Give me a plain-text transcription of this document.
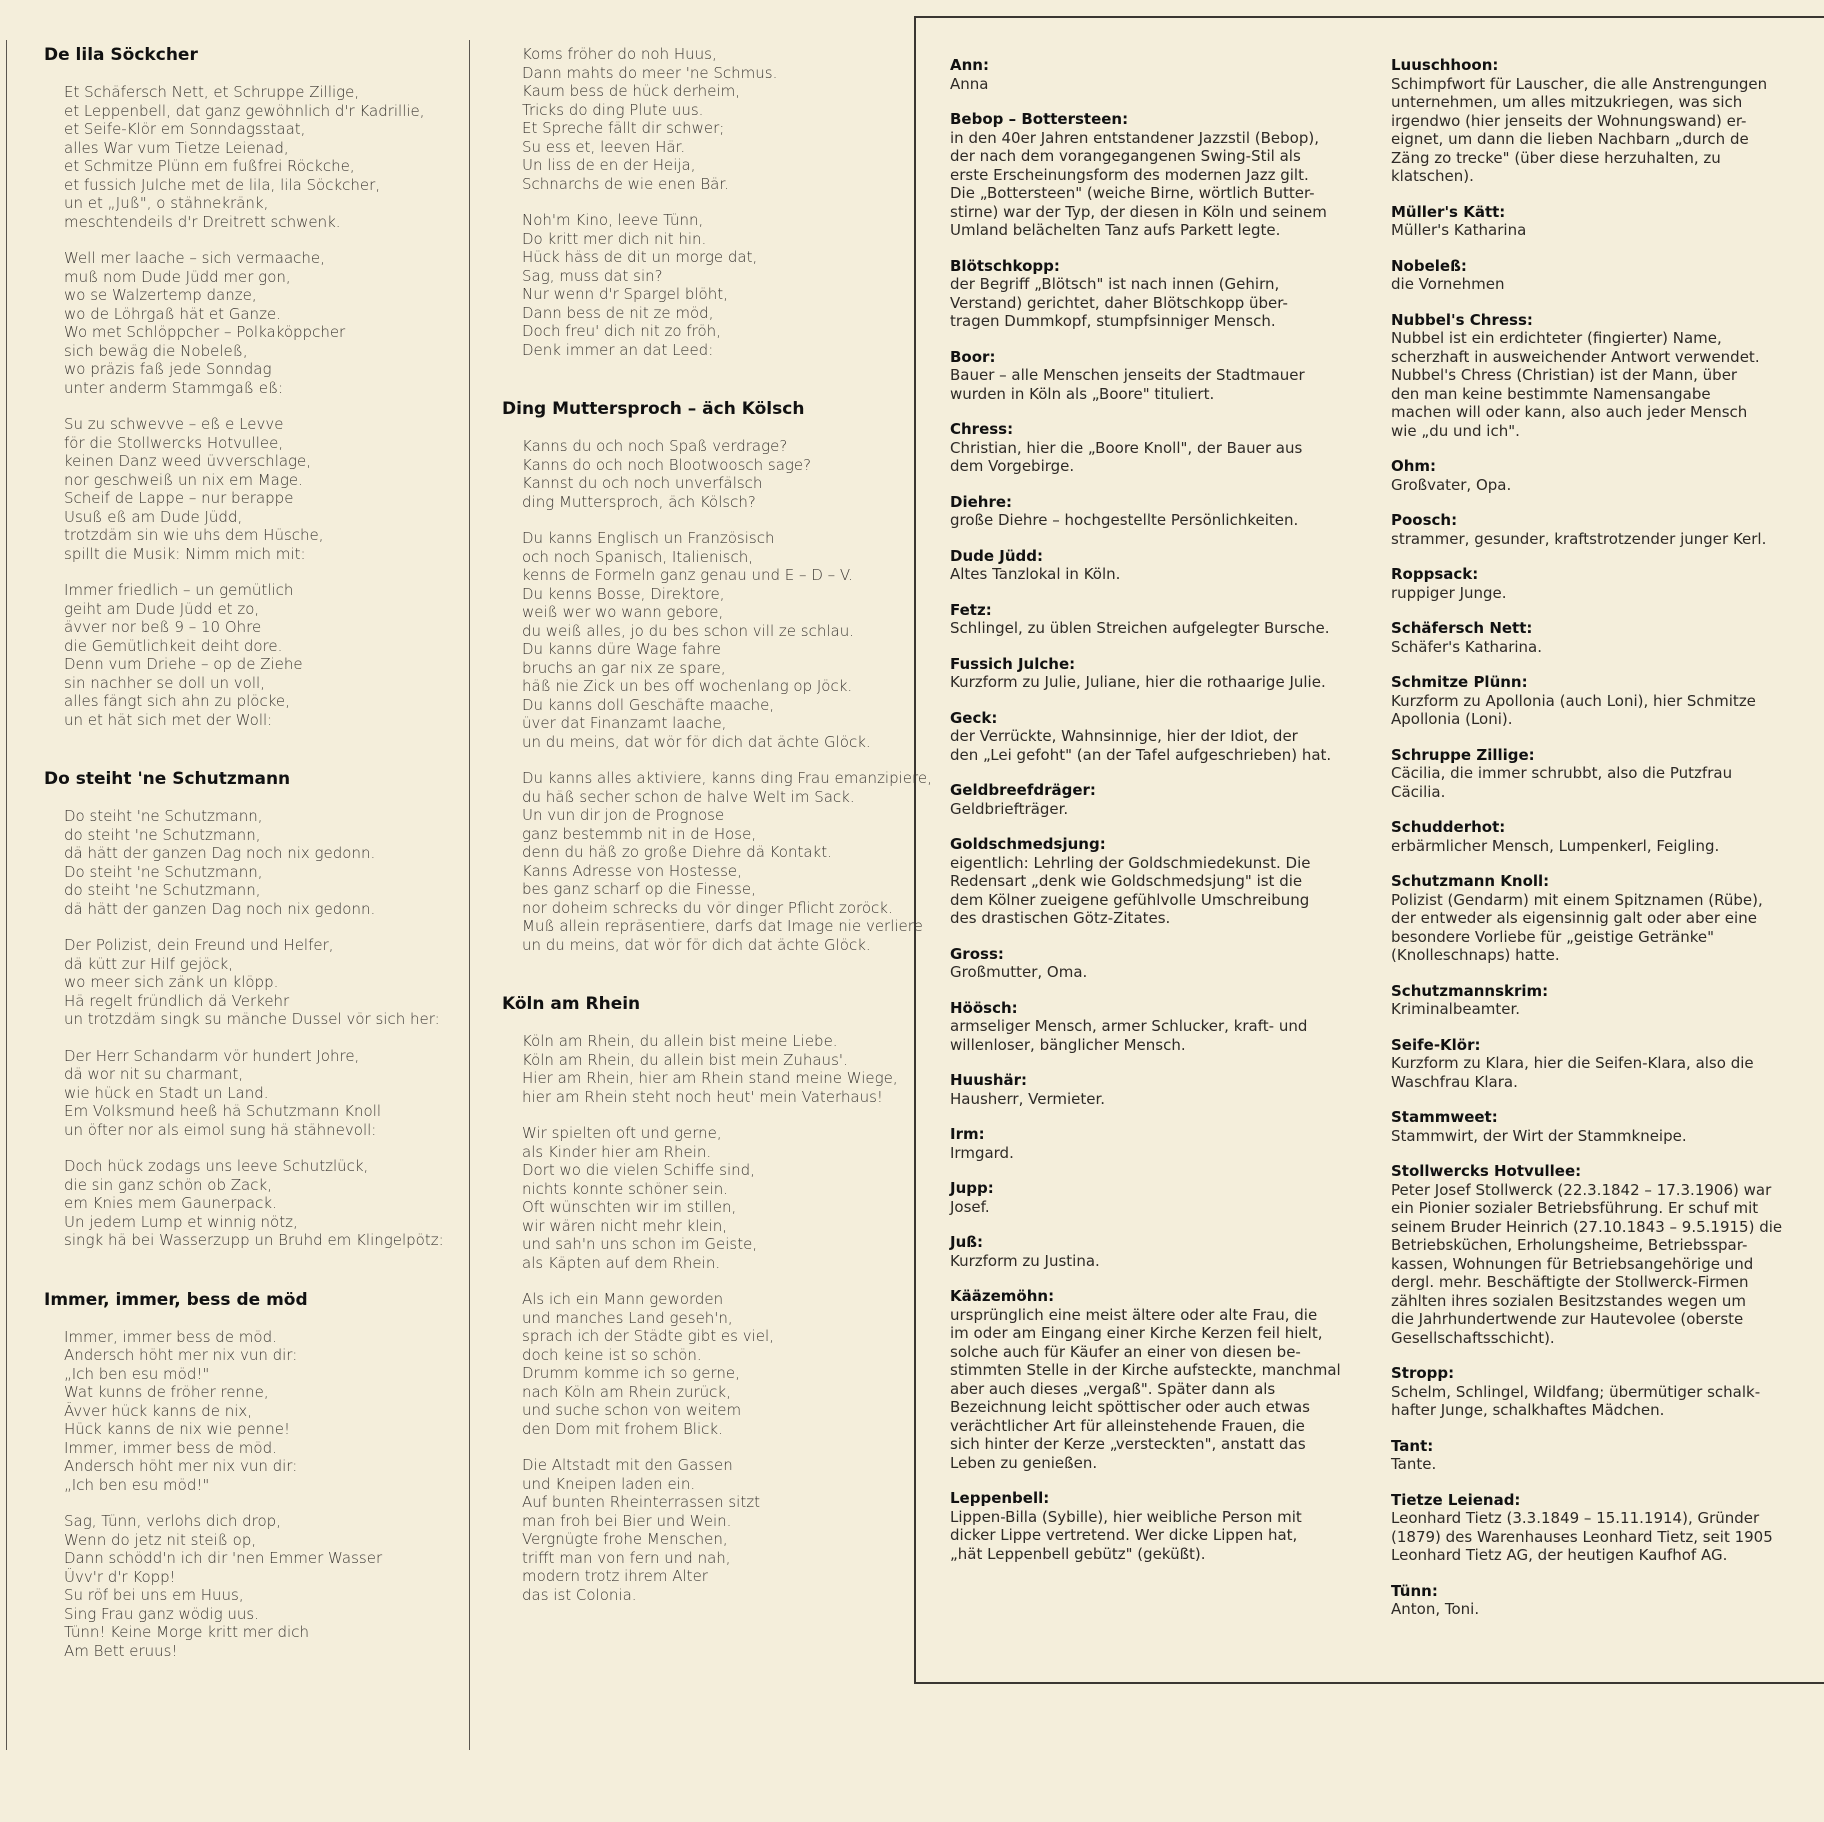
De lila Söckcher
Et Schäfersch Nett, et Schruppe Zillige,
et Leppenbell, dat ganz gewöhnlich d'r Kadrillie,
et Seife-Klör em Sonndagsstaat,
alles War vum Tietze Leienad,
et Schmitze Plünn em fußfrei Röckche,
et fussich Julche met de lila, lila Söckcher,
un et „Juß", o stähnekränk,
meschtendeils d'r Dreitrett schwenk.
Well mer laache – sich vermaache,
muß nom Dude Jüdd mer gon,
wo se Walzertemp danze,
wo de Löhrgaß hät et Ganze.
Wo met Schlöppcher – Polkaköppcher
sich bewäg die Nobeleß,
wo präzis faß jede Sonndag
unter anderm Stammgaß eß:
Su zu schwevve – eß e Levve
för die Stollwercks Hotvullee,
keinen Danz weed üvverschlage,
nor geschweiß un nix em Mage.
Scheif de Lappe – nur berappe
Usuß eß am Dude Jüdd,
trotzdäm sin wie uhs dem Hüsche,
spillt die Musik: Nimm mich mit:
Immer friedlich – un gemütlich
geiht am Dude Jüdd et zo,
ävver nor beß 9 – 10 Ohre
die Gemütlichkeit deiht dore.
Denn vum Driehe – op de Ziehe
sin nachher se doll un voll,
alles fängt sich ahn zu plöcke,
un et hät sich met der Woll:
Do steiht 'ne Schutzmann
Do steiht 'ne Schutzmann,
do steiht 'ne Schutzmann,
dä hätt der ganzen Dag noch nix gedonn.
Do steiht 'ne Schutzmann,
do steiht 'ne Schutzmann,
dä hätt der ganzen Dag noch nix gedonn.
Der Polizist, dein Freund und Helfer,
dä kütt zur Hilf gejöck,
wo meer sich zänk un klöpp.
Hä regelt fründlich dä Verkehr
un trotzdäm singk su mänche Dussel vör sich her:
Der Herr Schandarm vör hundert Johre,
dä wor nit su charmant,
wie hück en Stadt un Land.
Em Volksmund heeß hä Schutzmann Knoll
un öfter nor als eimol sung hä stähnevoll:
Doch hück zodags uns leeve Schutzlück,
die sin ganz schön ob Zack,
em Knies mem Gaunerpack.
Un jedem Lump et winnig nötz,
singk hä bei Wasserzupp un Bruhd em Klingelpötz:
Immer, immer, bess de möd
Immer, immer bess de möd.
Andersch höht mer nix vun dir:
„Ich ben esu möd!"
Wat kunns de fröher renne,
Ävver hück kanns de nix,
Hück kanns de nix wie penne!
Immer, immer bess de möd.
Andersch höht mer nix vun dir:
„Ich ben esu möd!"
Sag, Tünn, verlohs dich drop,
Wenn do jetz nit steiß op,
Dann schödd'n ich dir 'nen Emmer Wasser
Üvv'r d'r Kopp!
Su röf bei uns em Huus,
Sing Frau ganz wödig uus.
Tünn! Keine Morge kritt mer dich
Am Bett eruus!
Koms fröher do noh Huus,
Dann mahts do meer 'ne Schmus.
Kaum bess de hück derheim,
Tricks do ding Plute uus.
Et Spreche fällt dir schwer;
Su ess et, leeven Här.
Un liss de en der Heija,
Schnarchs de wie enen Bär.
Noh'm Kino, leeve Tünn,
Do kritt mer dich nit hin.
Hück häss de dit un morge dat,
Sag, muss dat sin?
Nur wenn d'r Spargel blöht,
Dann bess de nit ze möd,
Doch freu' dich nit zo fröh,
Denk immer an dat Leed:
Ding Muttersproch – äch Kölsch
Kanns du och noch Spaß verdrage?
Kanns do och noch Blootwoosch sage?
Kannst du och noch unverfälsch
ding Muttersproch, äch Kölsch?
Du kanns Englisch un Französisch
och noch Spanisch, Italienisch,
kenns de Formeln ganz genau und E – D – V.
Du kenns Bosse, Direktore,
weiß wer wo wann gebore,
du weiß alles, jo du bes schon vill ze schlau.
Du kanns düre Wage fahre
bruchs an gar nix ze spare,
häß nie Zick un bes off wochenlang op Jöck.
Du kanns doll Geschäfte maache,
üver dat Finanzamt laache,
un du meins, dat wör för dich dat ächte Glöck.
Du kanns alles aktiviere, kanns ding Frau emanzipiere,
du häß secher schon de halve Welt im Sack.
Un vun dir jon de Prognose
ganz bestemmb nit in de Hose,
denn du häß zo große Diehre dä Kontakt.
Kanns Adresse von Hostesse,
bes ganz scharf op die Finesse,
nor doheim schrecks du vör dinger Pflicht zoröck.
Muß allein repräsentiere, darfs dat Image nie verliere
un du meins, dat wör för dich dat ächte Glöck.
Köln am Rhein
Köln am Rhein, du allein bist meine Liebe.
Köln am Rhein, du allein bist mein Zuhaus'.
Hier am Rhein, hier am Rhein stand meine Wiege,
hier am Rhein steht noch heut' mein Vaterhaus!
Wir spielten oft und gerne,
als Kinder hier am Rhein.
Dort wo die vielen Schiffe sind,
nichts konnte schöner sein.
Oft wünschten wir im stillen,
wir wären nicht mehr klein,
und sah'n uns schon im Geiste,
als Käpten auf dem Rhein.
Als ich ein Mann geworden
und manches Land geseh'n,
sprach ich der Städte gibt es viel,
doch keine ist so schön.
Drumm komme ich so gerne,
nach Köln am Rhein zurück,
und suche schon von weitem
den Dom mit frohem Blick.
Die Altstadt mit den Gassen
und Kneipen laden ein.
Auf bunten Rheinterrassen sitzt
man froh bei Bier und Wein.
Vergnügte frohe Menschen,
trifft man von fern und nah,
modern trotz ihrem Alter
das ist Colonia.
Ann:
Anna
Bebop – Bottersteen:
in den 40er Jahren entstandener Jazzstil (Bebop),
der nach dem vorangegangenen Swing-Stil als
erste Erscheinungsform des modernen Jazz gilt.
Die „Bottersteen" (weiche Birne, wörtlich Butter-
stirne) war der Typ, der diesen in Köln und seinem
Umland belächelten Tanz aufs Parkett legte.
Blötschkopp:
der Begriff „Blötsch" ist nach innen (Gehirn,
Verstand) gerichtet, daher Blötschkopp über-
tragen Dummkopf, stumpfsinniger Mensch.
Boor:
Bauer – alle Menschen jenseits der Stadtmauer
wurden in Köln als „Boore" tituliert.
Chress:
Christian, hier die „Boore Knoll", der Bauer aus
dem Vorgebirge.
Diehre:
große Diehre – hochgestellte Persönlichkeiten.
Dude Jüdd:
Altes Tanzlokal in Köln.
Fetz:
Schlingel, zu üblen Streichen aufgelegter Bursche.
Fussich Julche:
Kurzform zu Julie, Juliane, hier die rothaarige Julie.
Geck:
der Verrückte, Wahnsinnige, hier der Idiot, der
den „Lei gefoht" (an der Tafel aufgeschrieben) hat.
Geldbreefdräger:
Geldbriefträger.
Goldschmedsjung:
eigentlich: Lehrling der Goldschmiedekunst. Die
Redensart „denk wie Goldschmedsjung" ist die
dem Kölner zueigene gefühlvolle Umschreibung
des drastischen Götz-Zitates.
Gross:
Großmutter, Oma.
Höösch:
armseliger Mensch, armer Schlucker, kraft- und
willenloser, bänglicher Mensch.
Huushär:
Hausherr, Vermieter.
Irm:
Irmgard.
Jupp:
Josef.
Juß:
Kurzform zu Justina.
Kääzemöhn:
ursprünglich eine meist ältere oder alte Frau, die
im oder am Eingang einer Kirche Kerzen feil hielt,
solche auch für Käufer an einer von diesen be-
stimmten Stelle in der Kirche aufsteckte, manchmal
aber auch dieses „vergaß". Später dann als
Bezeichnung leicht spöttischer oder auch etwas
verächtlicher Art für alleinstehende Frauen, die
sich hinter der Kerze „versteckten", anstatt das
Leben zu genießen.
Leppenbell:
Lippen-Billa (Sybille), hier weibliche Person mit
dicker Lippe vertretend. Wer dicke Lippen hat,
„hät Leppenbell gebütz" (geküßt).
Luuschhoon:
Schimpfwort für Lauscher, die alle Anstrengungen
unternehmen, um alles mitzukriegen, was sich
irgendwo (hier jenseits der Wohnungswand) er-
eignet, um dann die lieben Nachbarn „durch de
Zäng zo trecke" (über diese herzuhalten, zu
klatschen).
Müller's Kätt:
Müller's Katharina
Nobeleß:
die Vornehmen
Nubbel's Chress:
Nubbel ist ein erdichteter (fingierter) Name,
scherzhaft in ausweichender Antwort verwendet.
Nubbel's Chress (Christian) ist der Mann, über
den man keine bestimmte Namensangabe
machen will oder kann, also auch jeder Mensch
wie „du und ich".
Ohm:
Großvater, Opa.
Poosch:
strammer, gesunder, kraftstrotzender junger Kerl.
Roppsack:
ruppiger Junge.
Schäfersch Nett:
Schäfer's Katharina.
Schmitze Plünn:
Kurzform zu Apollonia (auch Loni), hier Schmitze
Apollonia (Loni).
Schruppe Zillige:
Cäcilia, die immer schrubbt, also die Putzfrau
Cäcilia.
Schudderhot:
erbärmlicher Mensch, Lumpenkerl, Feigling.
Schutzmann Knoll:
Polizist (Gendarm) mit einem Spitznamen (Rübe),
der entweder als eigensinnig galt oder aber eine
besondere Vorliebe für „geistige Getränke"
(Knolleschnaps) hatte.
Schutzmannskrim:
Kriminalbeamter.
Seife-Klör:
Kurzform zu Klara, hier die Seifen-Klara, also die
Waschfrau Klara.
Stammweet:
Stammwirt, der Wirt der Stammkneipe.
Stollwercks Hotvullee:
Peter Josef Stollwerck (22.3.1842 – 17.3.1906) war
ein Pionier sozialer Betriebsführung. Er schuf mit
seinem Bruder Heinrich (27.10.1843 – 9.5.1915) die
Betriebsküchen, Erholungsheime, Betriebsspar-
kassen, Wohnungen für Betriebsangehörige und
dergl. mehr. Beschäftigte der Stollwerck-Firmen
zählten ihres sozialen Besitzstandes wegen um
die Jahrhundertwende zur Hautevolee (oberste
Gesellschaftsschicht).
Stropp:
Schelm, Schlingel, Wildfang; übermütiger schalk-
hafter Junge, schalkhaftes Mädchen.
Tant:
Tante.
Tietze Leienad:
Leonhard Tietz (3.3.1849 – 15.11.1914), Gründer
(1879) des Warenhauses Leonhard Tietz, seit 1905
Leonhard Tietz AG, der heutigen Kaufhof AG.
Tünn:
Anton, Toni.
